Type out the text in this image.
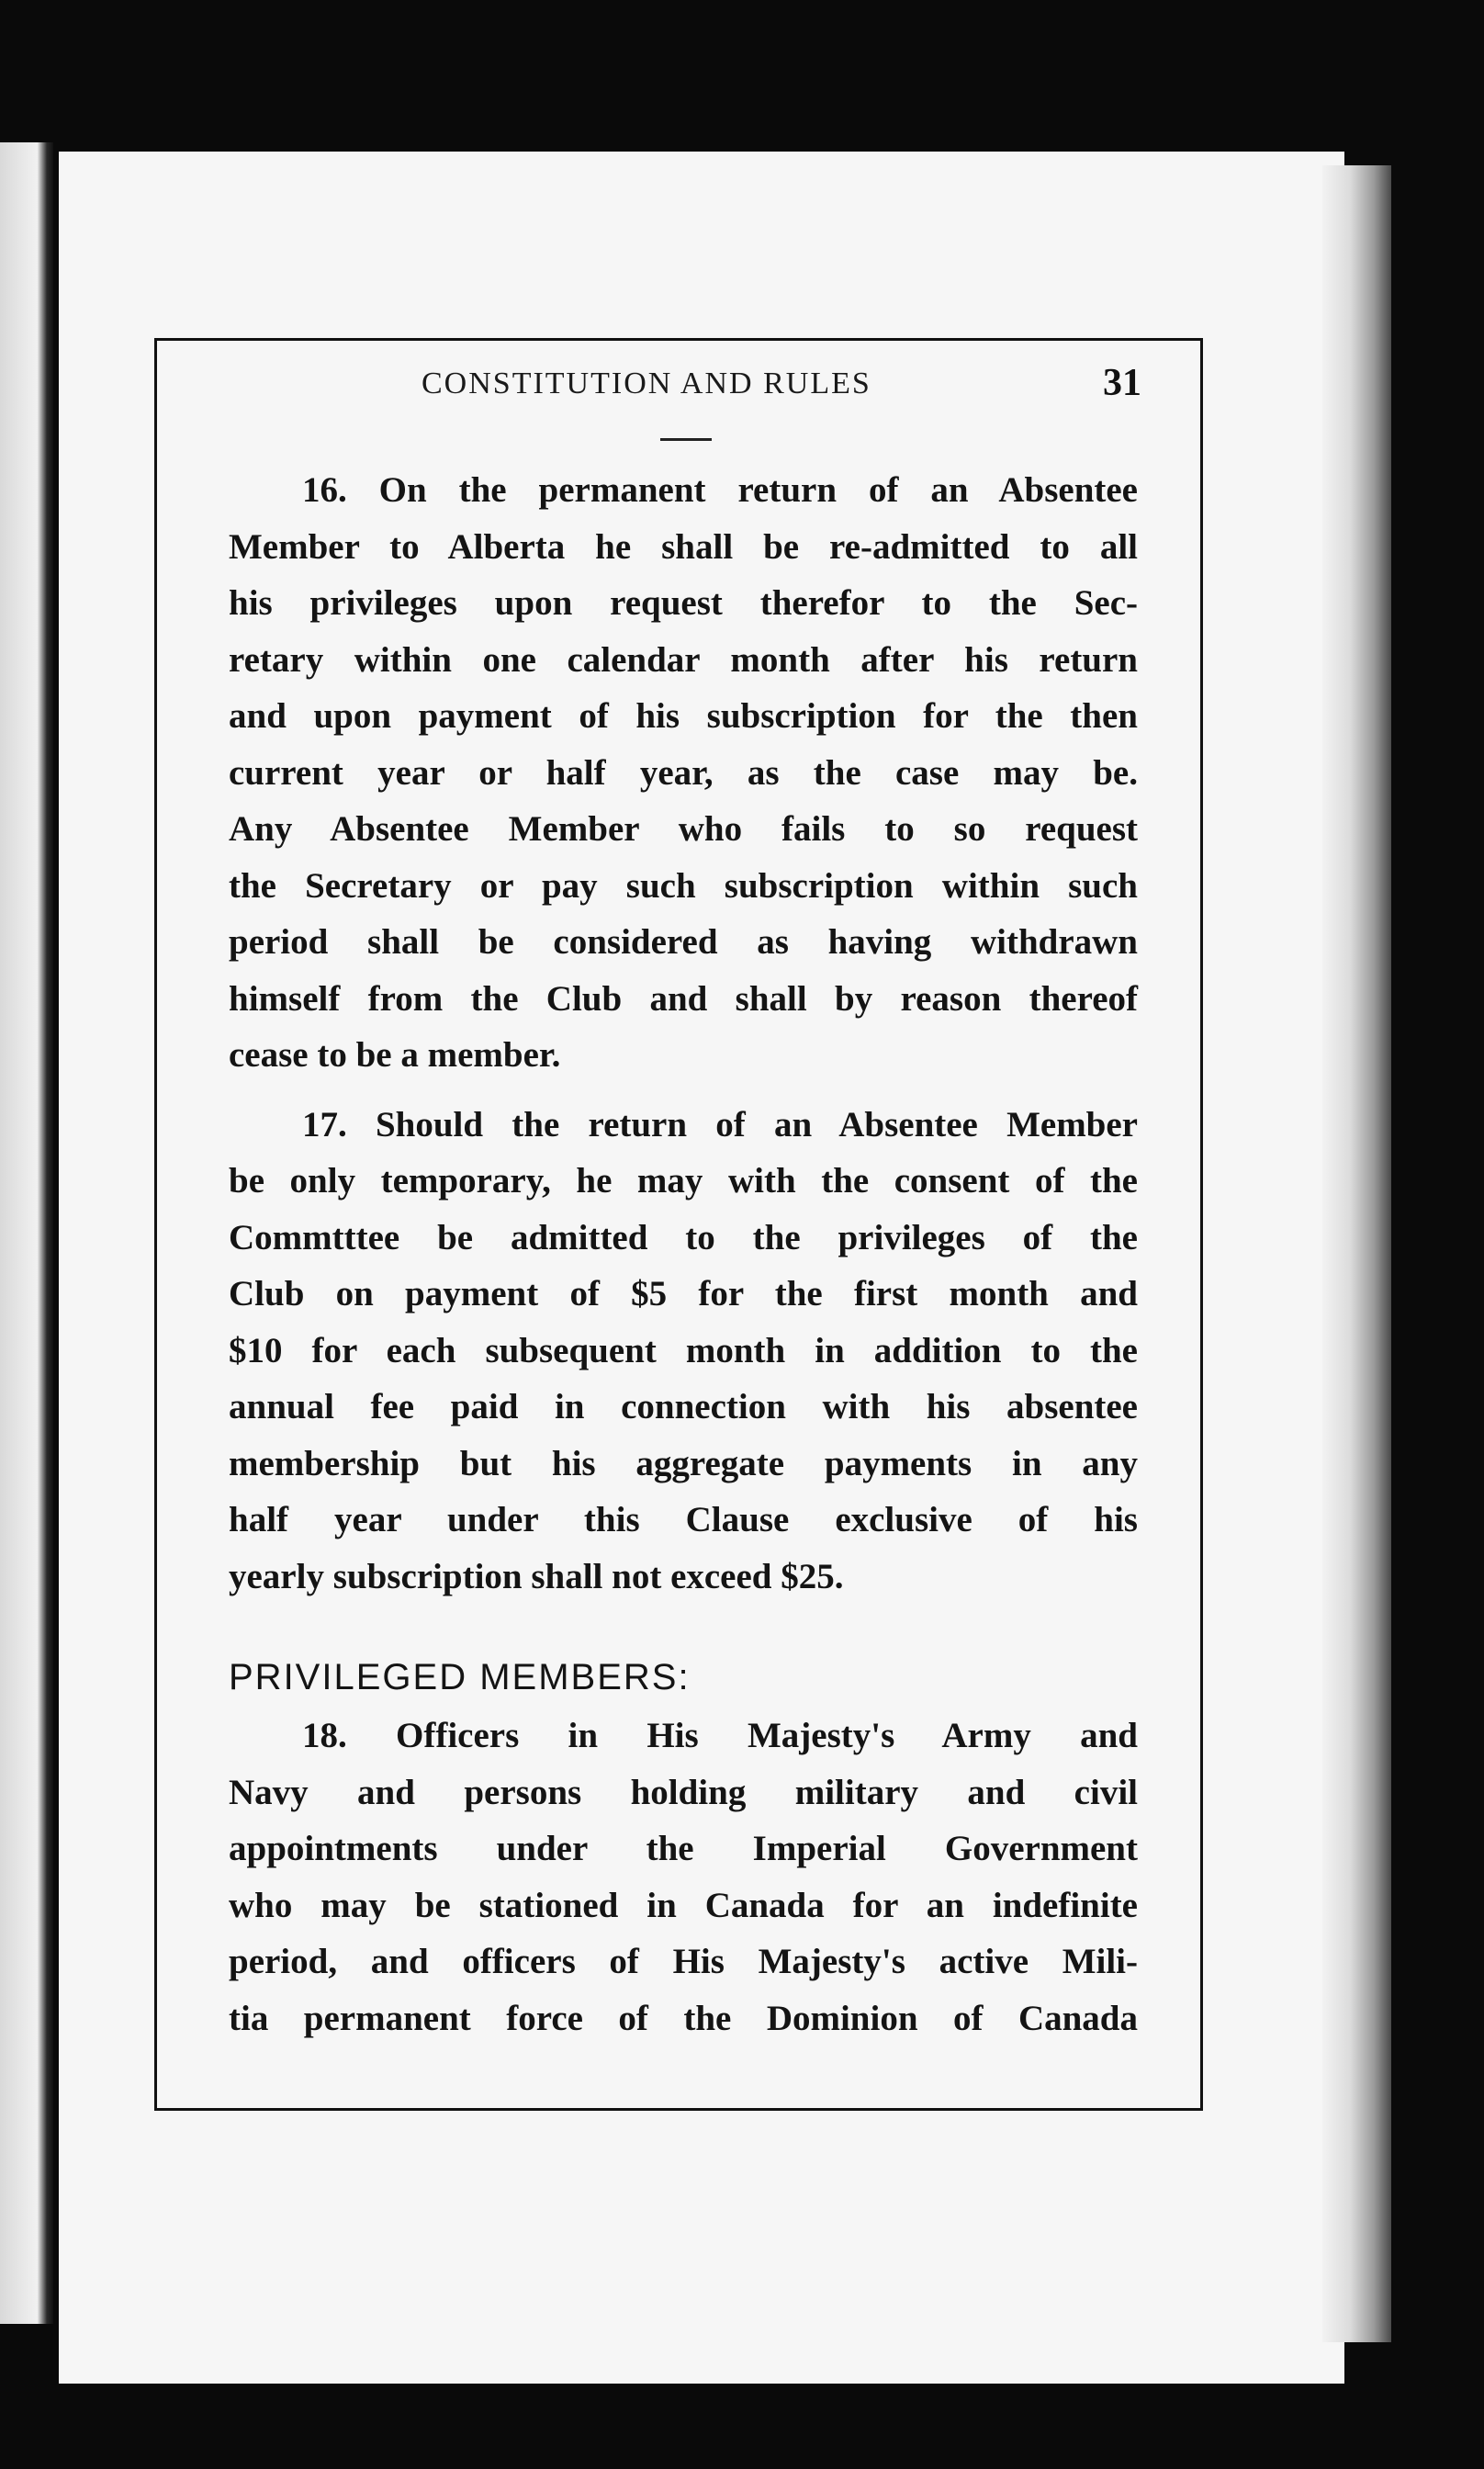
CONSTITUTION AND RULES	31
16. On the permanent return of an Absentee
Member to Alberta he shall be re-admitted to all
his privileges upon request therefor to the Sec-
retary within one calendar month after his return
and upon payment of his subscription for the then
current year or half year, as the case may be.
Any Absentee Member who fails to so request
the Secretary or pay such subscription within such
period shall be considered as having withdrawn
himself from the Club and shall by reason thereof
cease to be a member.
17. Should the return of an Absentee Member
be only temporary, he may with the consent of the
Commtttee be admitted to the privileges of the
Club on payment of $5 for the first month and
$10 for each subsequent month in addition to the
annual fee paid in connection with his absentee
membership but his aggregate payments in any
half year under this Clause exclusive of his
yearly subscription shall not exceed $25.
PRIVILEGED MEMBERS:
18. Officers in His Majesty's Army and
Navy and persons holding military and civil
appointments under the Imperial Government
who may be stationed in Canada for an indefinite
period, and officers of His Majesty's active Mili-
tia permanent force of the Dominion of Canada
